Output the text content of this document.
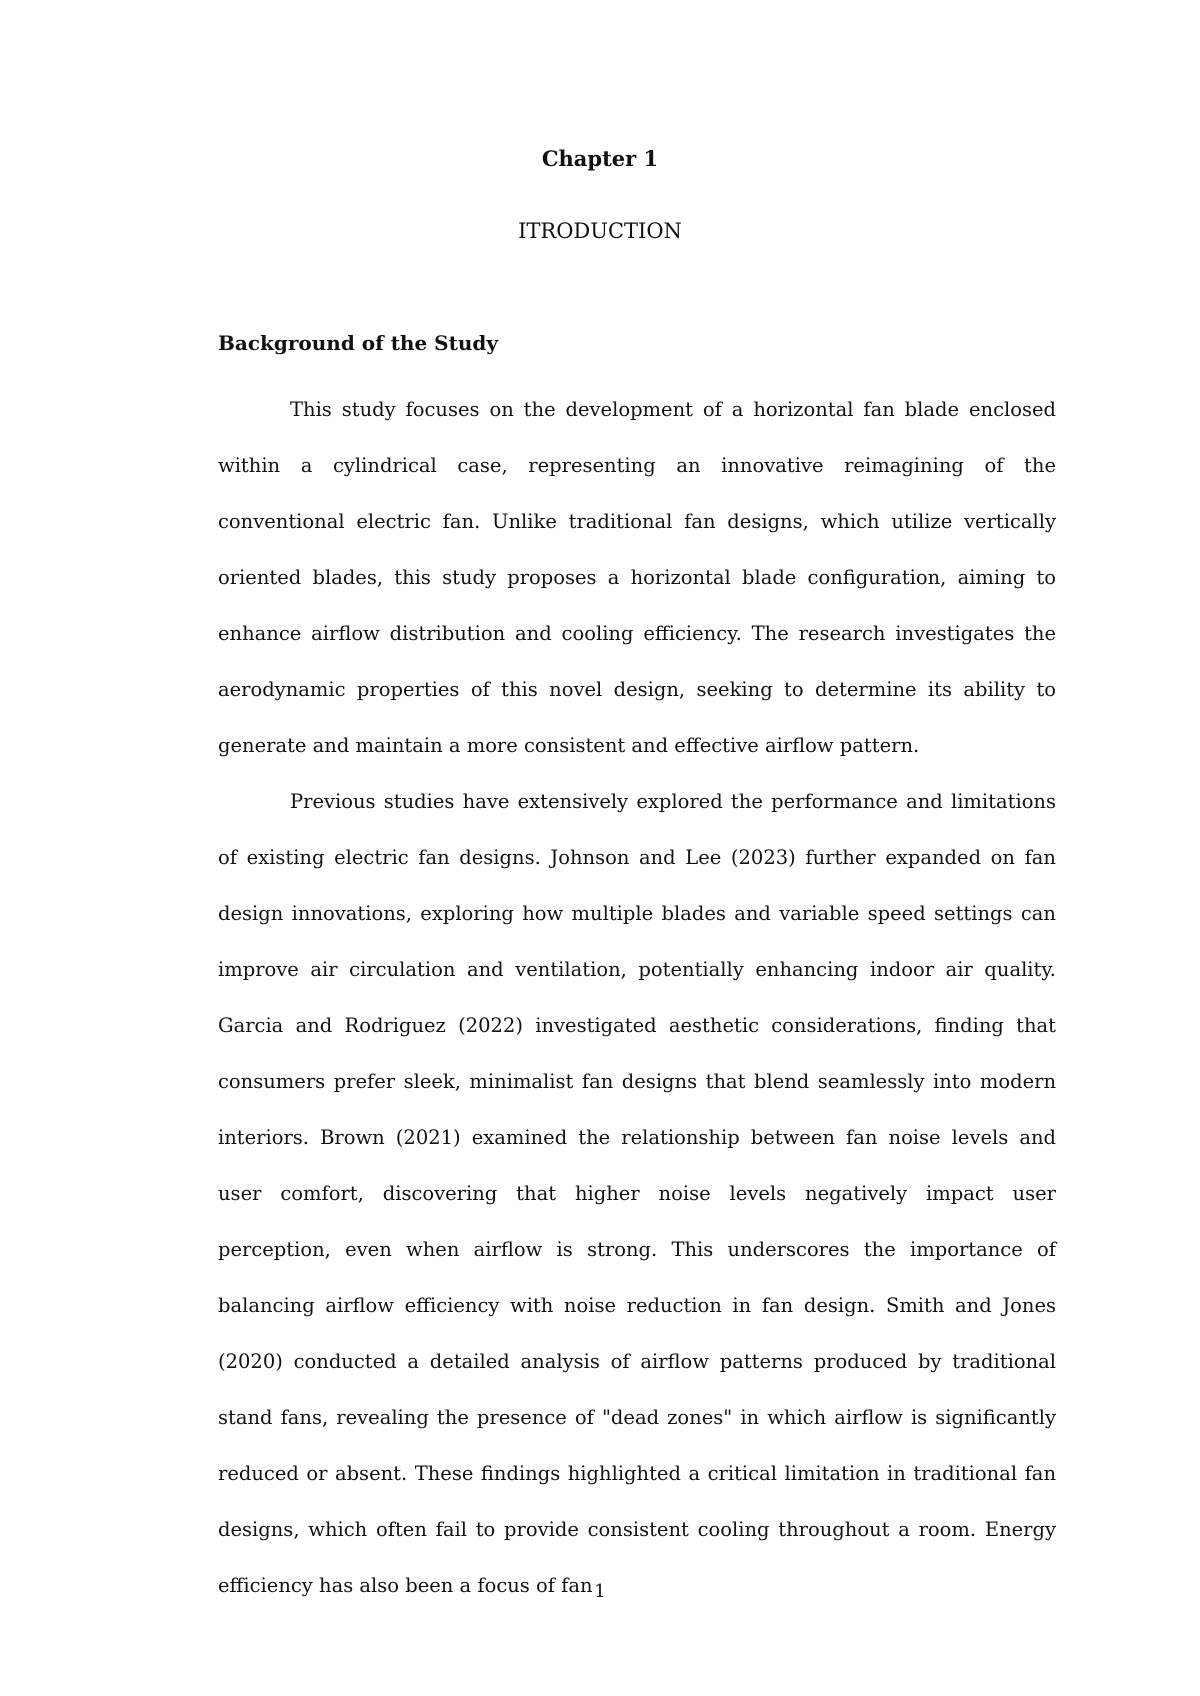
Chapter 1
ITRODUCTION
Background of the Study

This study focuses on the development of a horizontal fan blade enclosed within a cylindrical case, representing an innovative reimagining of the conventional electric fan. Unlike traditional fan designs, which utilize vertically oriented blades, this study proposes a horizontal blade configuration, aiming to enhance airflow distribution and cooling efficiency. The research investigates the aerodynamic properties of this novel design, seeking to determine its ability to generate and maintain a more consistent and effective airflow pattern.

Previous studies have extensively explored the performance and limitations of existing electric fan designs. Johnson and Lee (2023) further expanded on fan design innovations, exploring how multiple blades and variable speed settings can improve air circulation and ventilation, potentially enhancing indoor air quality. Garcia and Rodriguez (2022) investigated aesthetic considerations, finding that consumers prefer sleek, minimalist fan designs that blend seamlessly into modern interiors. Brown (2021) examined the relationship between fan noise levels and user comfort, discovering that higher noise levels negatively impact user perception, even when airflow is strong. This underscores the importance of balancing airflow efficiency with noise reduction in fan design. Smith and Jones (2020) conducted a detailed analysis of airflow patterns produced by traditional stand fans, revealing the presence of "dead zones" in which airflow is significantly reduced or absent. These findings highlighted a critical limitation in traditional fan designs, which often fail to provide consistent cooling throughout a room. Energy efficiency has also been a focus of fan 1
